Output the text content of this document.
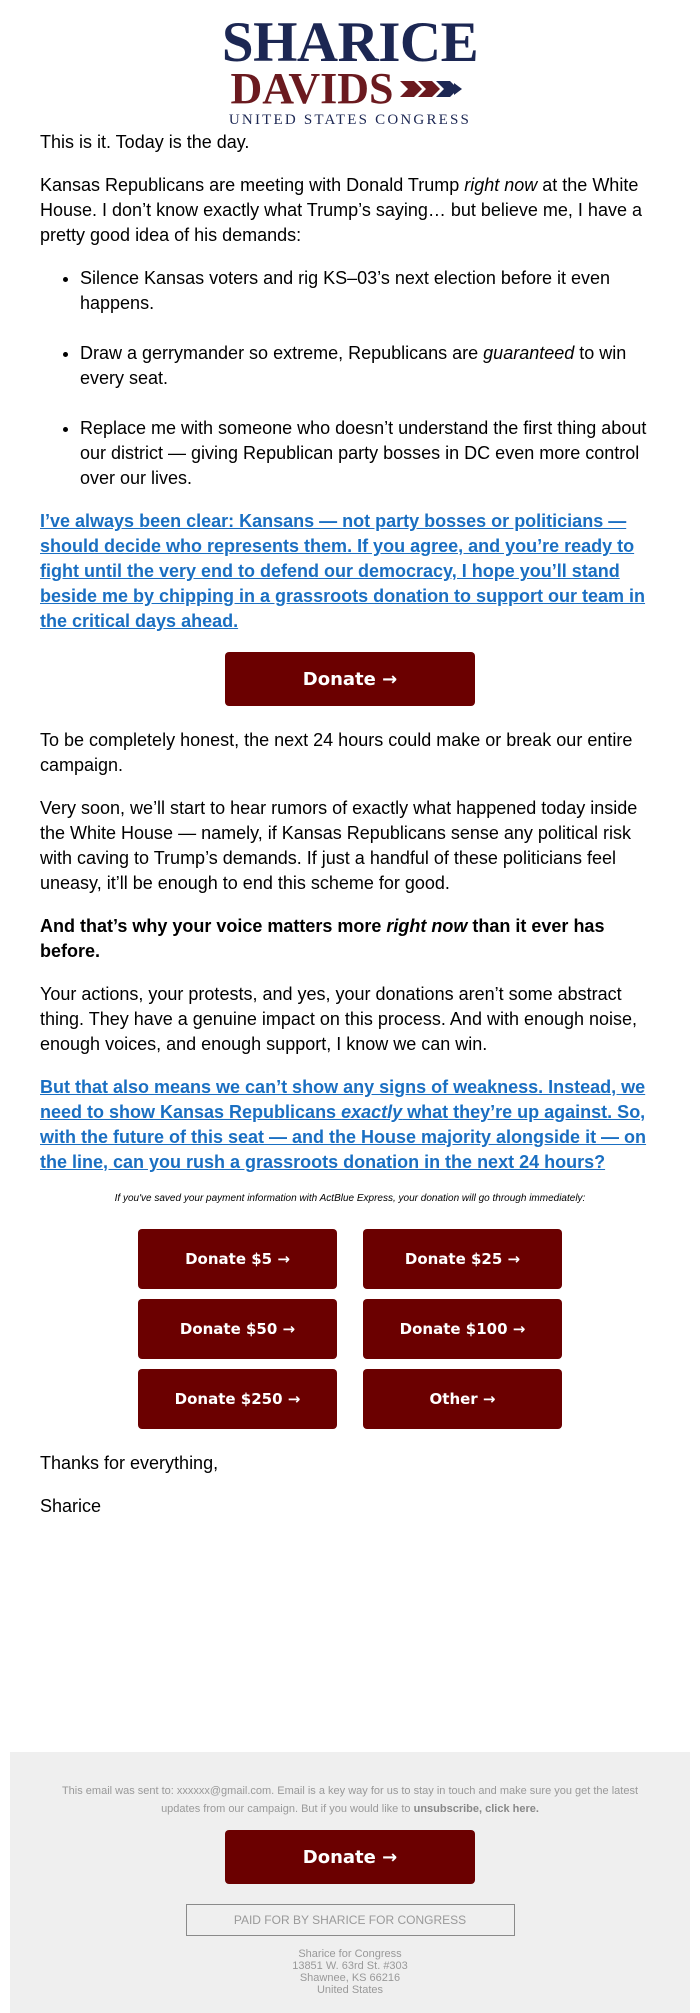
SHARICE
DAVIDS
UNITED STATES CONGRESS

This is it. Today is the day.

Kansas Republicans are meeting with Donald Trump right now at the White House. I don’t know exactly what Trump’s saying… but believe me, I have a pretty good idea of his demands:

• Silence Kansas voters and rig KS–03’s next election before it even happens.
• Draw a gerrymander so extreme, Republicans are guaranteed to win every seat.
• Replace me with someone who doesn’t understand the first thing about our district — giving Republican party bosses in DC even more control over our lives.
I’ve always been clear: Kansans — not party bosses or politicians — should decide who represents them. If you agree, and you’re ready to fight until the very end to defend our democracy, I hope you’ll stand beside me by chipping in a grassroots donation to support our team in the critical days ahead.
Donate →

To be completely honest, the next 24 hours could make or break our entire campaign.

Very soon, we’ll start to hear rumors of exactly what happened today inside the White House — namely, if Kansas Republicans sense any political risk with caving to Trump’s demands. If just a handful of these politicians feel uneasy, it’ll be enough to end this scheme for good.

And that’s why your voice matters more right now than it ever has before.

Your actions, your protests, and yes, your donations aren’t some abstract thing. They have a genuine impact on this process. And with enough noise, enough voices, and enough support, I know we can win.

But that also means we can’t show any signs of weakness. Instead, we need to show Kansas Republicans exactly what they’re up against. So, with the future of this seat — and the House majority alongside it — on the line, can you rush a grassroots donation in the next 24 hours?
If you've saved your payment information with ActBlue Express, your donation will go through immediately:
Donate $5 →	Donate $25 →
Donate $50 →	Donate $100 →
Donate $250 →	Other →

Thanks for everything,

Sharice

This email was sent to: xxxxxx@gmail.com. Email is a key way for us to stay in touch and make sure you get the latest updates from our campaign. But if you would like to unsubscribe, click here.
Donate →
PAID FOR BY SHARICE FOR CONGRESS
Sharice for Congress
13851 W. 63rd St. #303
Shawnee, KS 66216
United States
